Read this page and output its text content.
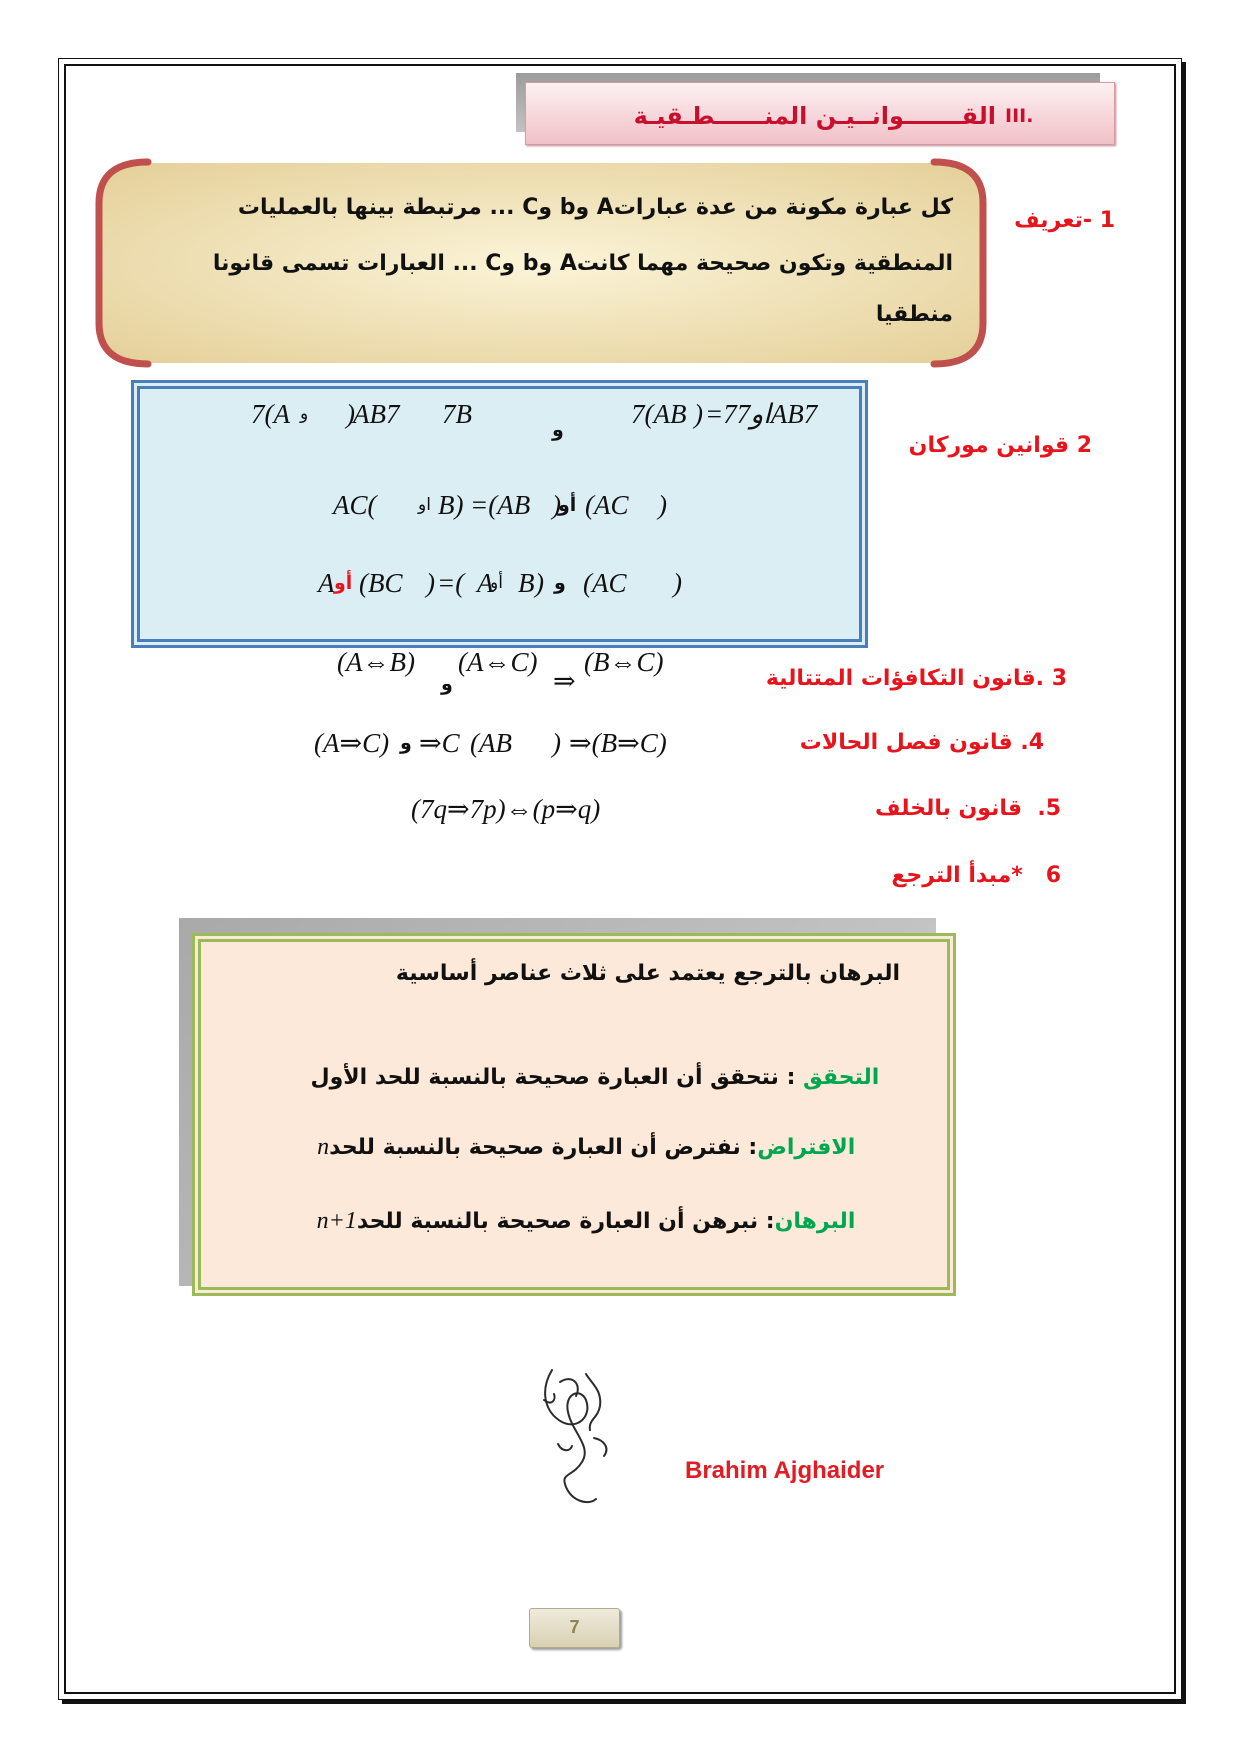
III.
القـــــــوانــيـن المنــــــطـقيـة
1 -تعريف
كل عبارة مكونة من عدة عباراتA وb وC ... مرتبطة بينها بالعمليات
المنطقية وتكون صحيحة مهما كانتA وb وC ... العبارات تسمى قانونا
منطقيا
2 قوانين موركان
7(A و )
AB7 7B
و
7(AB ) =7او7AB7
AC( او B) =(AB )
أو (AC )
A أو (BC ) =( A
أو B ) و (AC )
3 .قانون التكافؤات المتتالية
(A⇔B)
و
(A⇔C)
⇒
(B⇔C)
4. قانون فصل الحالات
(A⇒C) و ⇒C (AB ) ⇒(B⇒C)
5.  قانون بالخلف
(7q⇒7p)⇔(p⇒q)
6   *مبدأ الترجع
البرهان بالترجع يعتمد على ثلاث عناصر أساسية

التحقق : نتحقق أن العبارة صحيحة بالنسبة للحد الأول

الافتراض: نفترض أن العبارة صحيحة بالنسبة للحدn

البرهان: نبرهن أن العبارة صحيحة بالنسبة للحدn+1

Brahim Ajghaider
7
